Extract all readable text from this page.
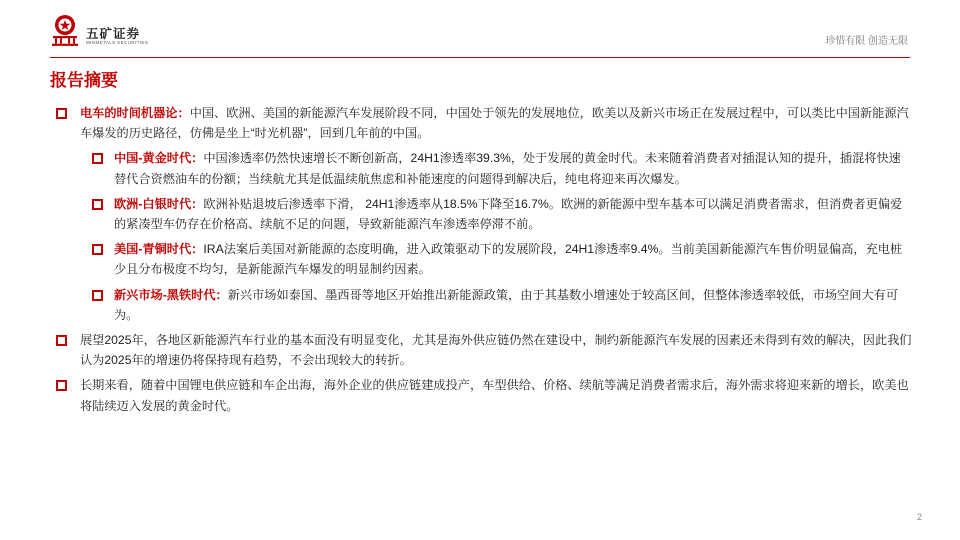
五矿证券
MINMETALS SECURITIES	珍惜有限 创造无限
报告摘要
电车的时间机器论：中国、欧洲、美国的新能源汽车发展阶段不同，中国处于领先的发展地位，欧美以及新兴市场正在发展过程中，可以类比中国新能源汽车爆发的历史路径，仿佛是坐上“时光机器”，回到几年前的中国。
中国-黄金时代：中国渗透率仍然快速增长不断创新高，24H1渗透率39.3%，处于发展的黄金时代。未来随着消费者对插混认知的提升，插混将快速替代合资燃油车的份额；当续航尤其是低温续航焦虑和补能速度的问题得到解决后，纯电将迎来再次爆发。
欧洲-白银时代：欧洲补贴退坡后渗透率下滑， 24H1渗透率从18.5%下降至16.7%。欧洲的新能源中型车基本可以满足消费者需求，但消费者更偏爱的紧凑型车仍存在价格高、续航不足的问题，导致新能源汽车渗透率停滞不前。
美国-青铜时代：IRA法案后美国对新能源的态度明确，进入政策驱动下的发展阶段，24H1渗透率9.4%。当前美国新能源汽车售价明显偏高，充电桩少且分布极度不均匀，是新能源汽车爆发的明显制约因素。
新兴市场-黑铁时代：新兴市场如泰国、墨西哥等地区开始推出新能源政策，由于其基数小增速处于较高区间，但整体渗透率较低，市场空间大有可为。
展望2025年，各地区新能源汽车行业的基本面没有明显变化，尤其是海外供应链仍然在建设中，制约新能源汽车发展的因素还未得到有效的解决，因此我们认为2025年的增速仍将保持现有趋势，不会出现较大的转折。
长期来看，随着中国锂电供应链和车企出海，海外企业的供应链建成投产，车型供给、价格、续航等满足消费者需求后，海外需求将迎来新的增长，欧美也将陆续迈入发展的黄金时代。
2
